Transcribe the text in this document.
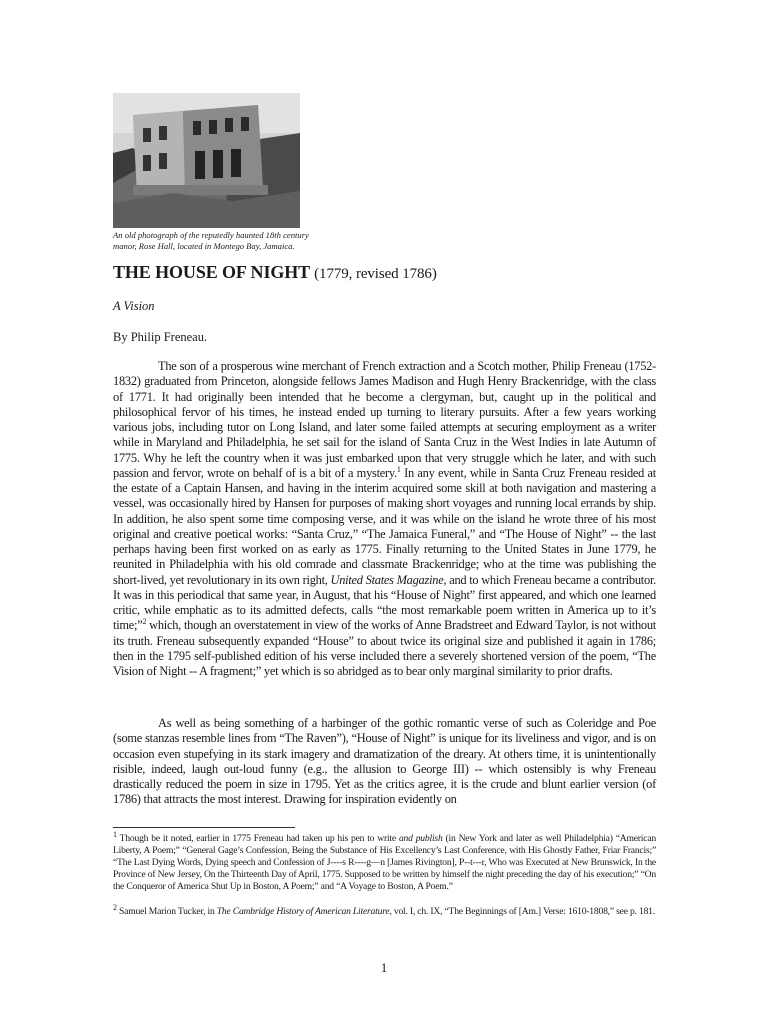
An old photograph of the reputedly haunted 18th century manor, Rose Hall, located in Montego Bay, Jamaica.

THE HOUSE OF NIGHT (1779, revised 1786)

A Vision

By Philip Freneau.

The son of a prosperous wine merchant of French extraction and a Scotch mother, Philip Freneau (1752-1832) graduated from Princeton, alongside fellows James Madison and Hugh Henry Brackenridge, with the class of 1771. It had originally been intended that he become a clergyman, but, caught up in the political and philosophical fervor of his times, he instead ended up turning to literary pursuits. After a few years working various jobs, including tutor on Long Island, and later some failed attempts at securing employment as a writer while in Maryland and Philadelphia, he set sail for the island of Santa Cruz in the West Indies in late Autumn of 1775. Why he left the country when it was just embarked upon that very struggle which he later, and with such passion and fervor, wrote on behalf of is a bit of a mystery.$^1$ In any event, while in Santa Cruz Freneau resided at the estate of a Captain Hansen, and having in the interim acquired some skill at both navigation and mastering a vessel, was occasionally hired by Hansen for purposes of making short voyages and running local errands by ship. In addition, he also spent some time composing verse, and it was while on the island he wrote three of his most original and creative poetical works: “Santa Cruz,” “The Jamaica Funeral,” and “The House of Night” -- the last perhaps having been first worked on as early as 1775. Finally returning to the United States in June 1779, he reunited in Philadelphia with his old comrade and classmate Brackenridge; who at the time was publishing the short-lived, yet revolutionary in its own right, United States Magazine, and to which Freneau became a contributor. It was in this periodical that same year, in August, that his “House of Night” first appeared, and which one learned critic, while emphatic as to its admitted defects, calls “the most remarkable poem written in America up to it’s time;”$^2$ which, though an overstatement in view of the works of Anne Bradstreet and Edward Taylor, is not without its truth. Freneau subsequently expanded “House” to about twice its original size and published it again in 1786; then in the 1795 self-published edition of his verse included there a severely shortened version of the poem, “The Vision of Night -- A fragment;” yet which is so abridged as to bear only marginal similarity to prior drafts.

As well as being something of a harbinger of the gothic romantic verse of such as Coleridge and Poe (some stanzas resemble lines from “The Raven”), “House of Night” is unique for its liveliness and vigor, and is on occasion even stupefying in its stark imagery and dramatization of the dreary. At others time, it is unintentionally risible, indeed, laugh out-loud funny (e.g., the allusion to George III) -- which ostensibly is why Freneau drastically reduced the poem in size in 1795. Yet as the critics agree, it is the crude and blunt earlier version (of 1786) that attracts the most interest. Drawing for inspiration evidently on

$^1$ Though be it noted, earlier in 1775 Freneau had taken up his pen to write and publish (in New York and later as well Philadelphia) “American Liberty, A Poem;” “General Gage’s Confession, Being the Substance of His Excellency’s Last Conference, with His Ghostly Father, Friar Francis;” “The Last Dying Words, Dying speech and Confession of J----s R----g—n [James Rivington], P--t---r, Who was Executed at New Brunswick, In the Province of New Jersey, On the Thirteenth Day of April, 1775. Supposed to be written by himself the night preceding the day of his execution;” “On the Conqueror of America Shut Up in Boston, A Poem;” and “A Voyage to Boston, A Poem.”

$^2$ Samuel Marion Tucker, in The Cambridge History of American Literature, vol. I, ch. IX, “The Beginnings of [Am.] Verse: 1610-1808,” see p. 181.

1
